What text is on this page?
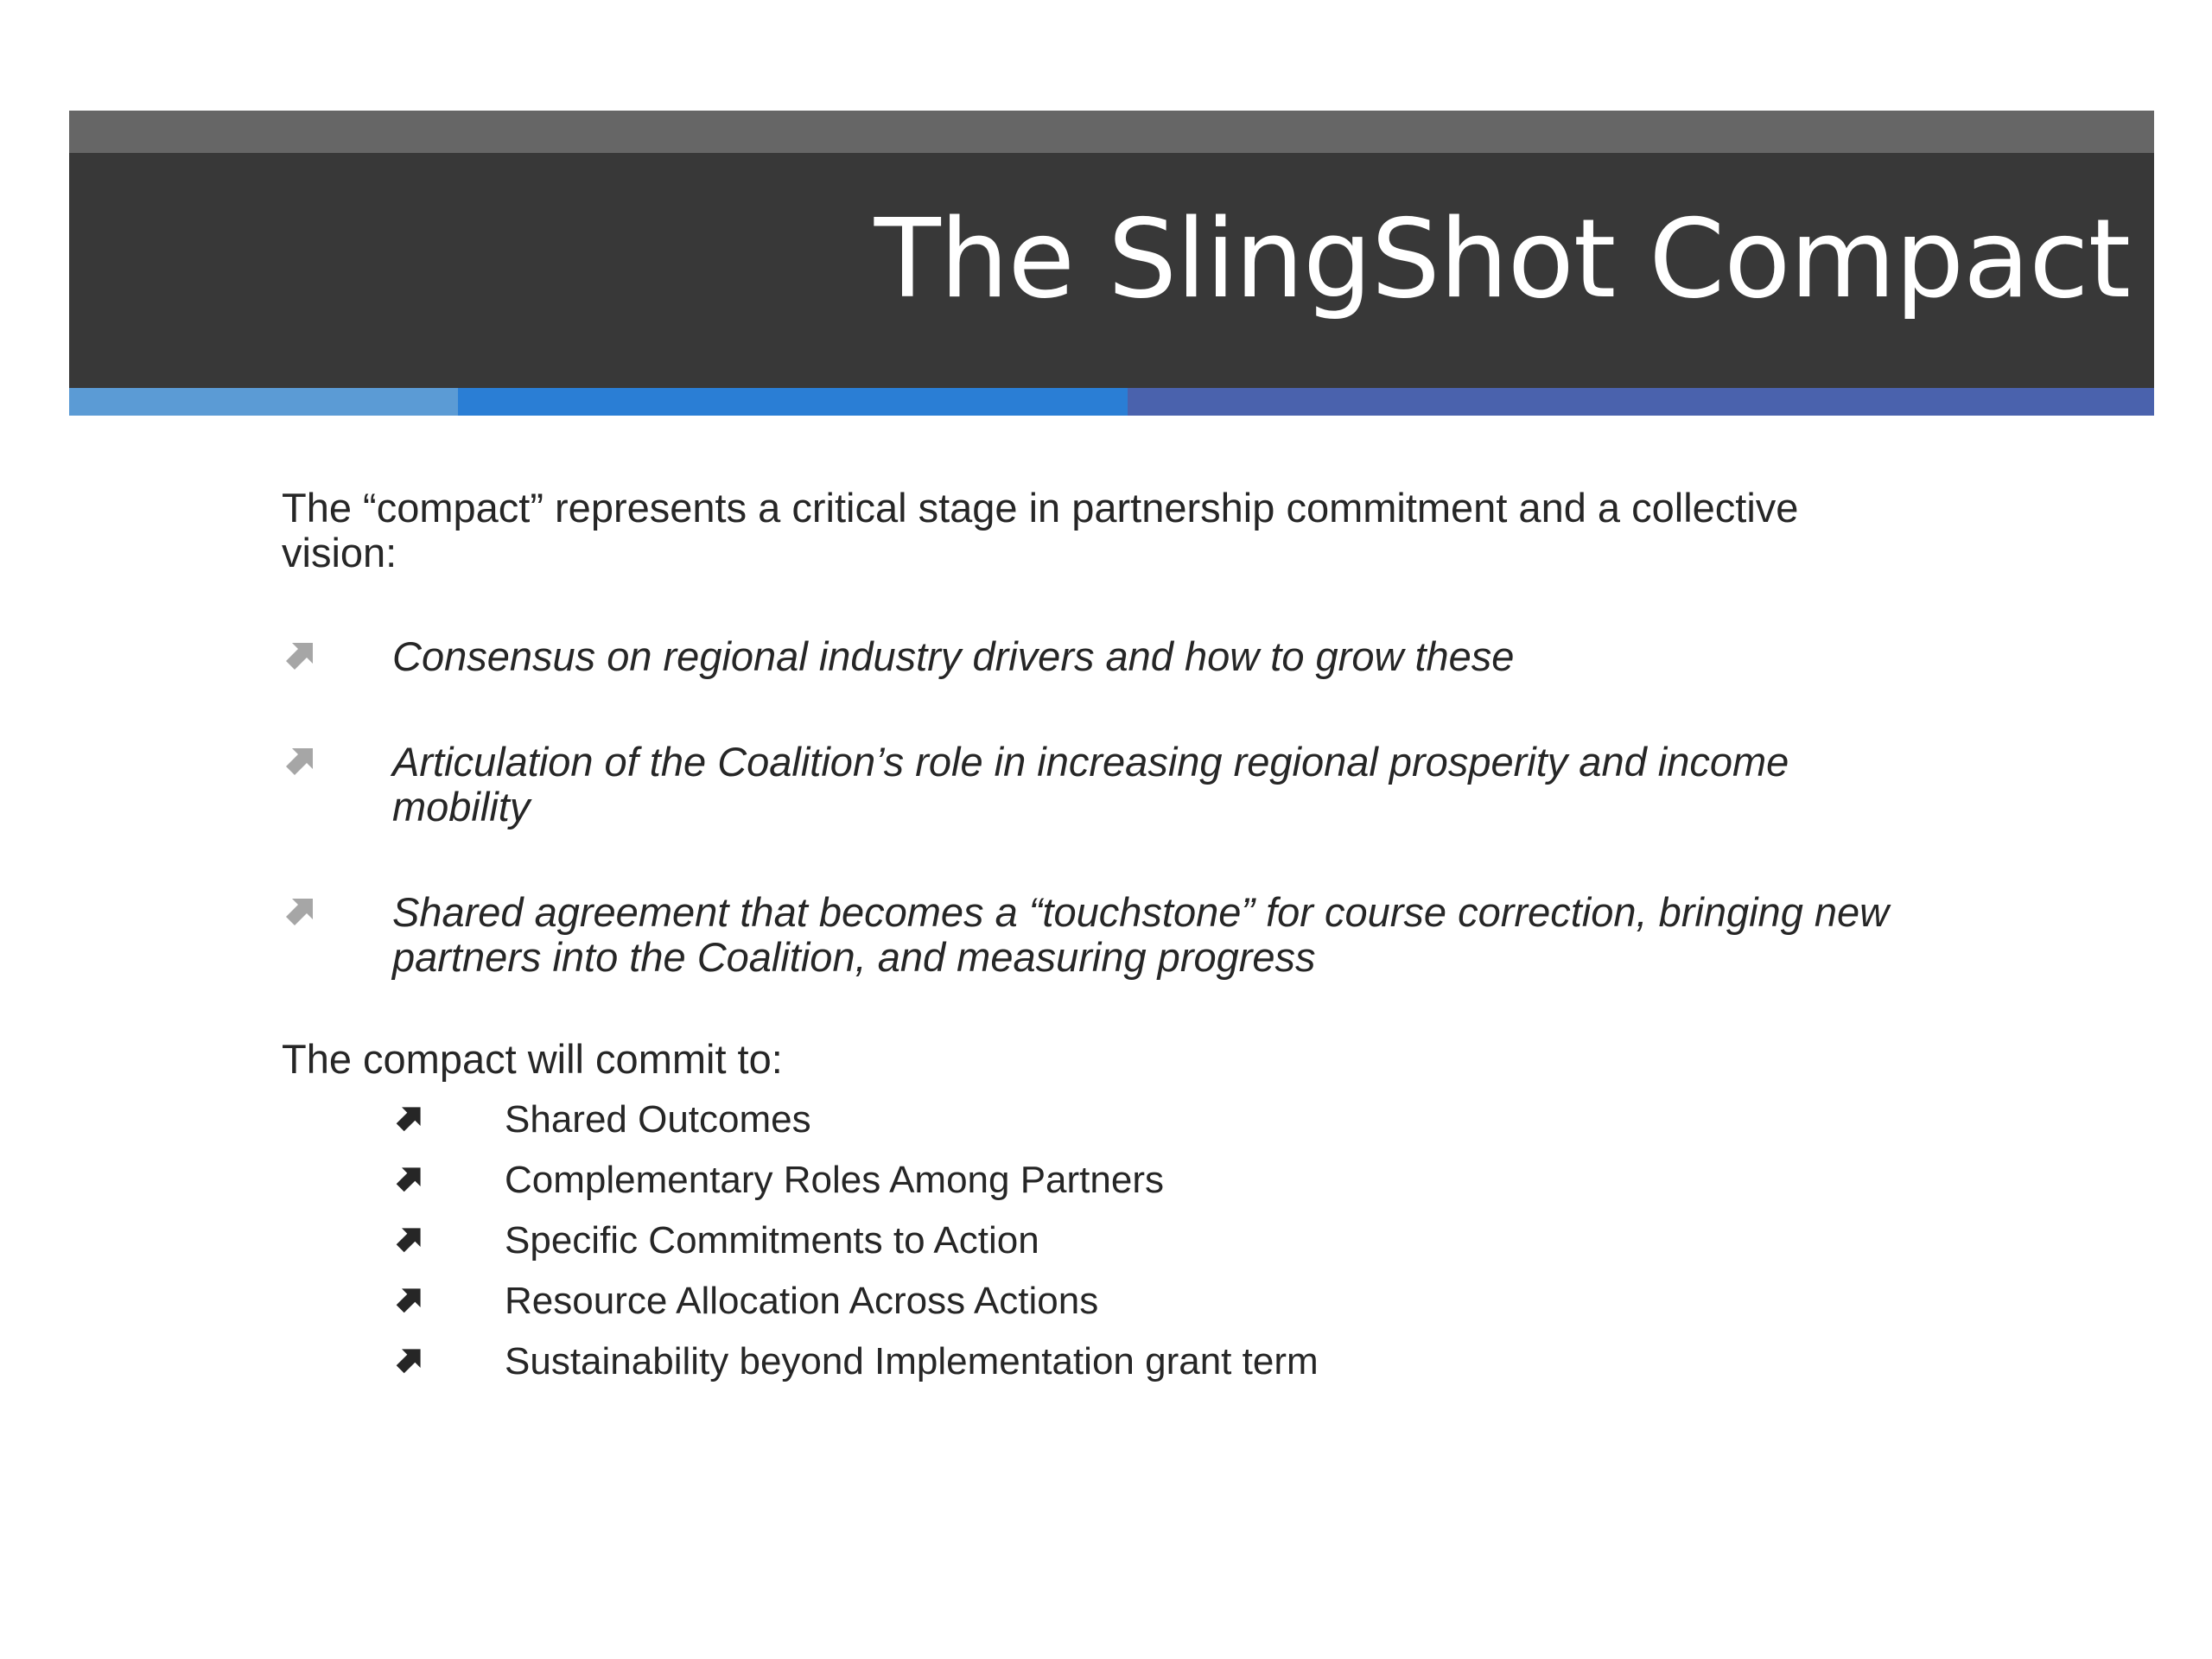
The SlingShot Compact

The “compact” represents a critical stage in partnership commitment and a collective vision:

Consensus on regional industry drivers and how to grow these
Articulation of the Coalition’s role in increasing regional prosperity and income mobility
Shared agreement that becomes a “touchstone” for course correction, bringing new partners into the Coalition, and measuring progress

The compact will commit to:

Shared Outcomes
Complementary Roles Among Partners
Specific Commitments to Action
Resource Allocation Across Actions
Sustainability beyond Implementation grant term
